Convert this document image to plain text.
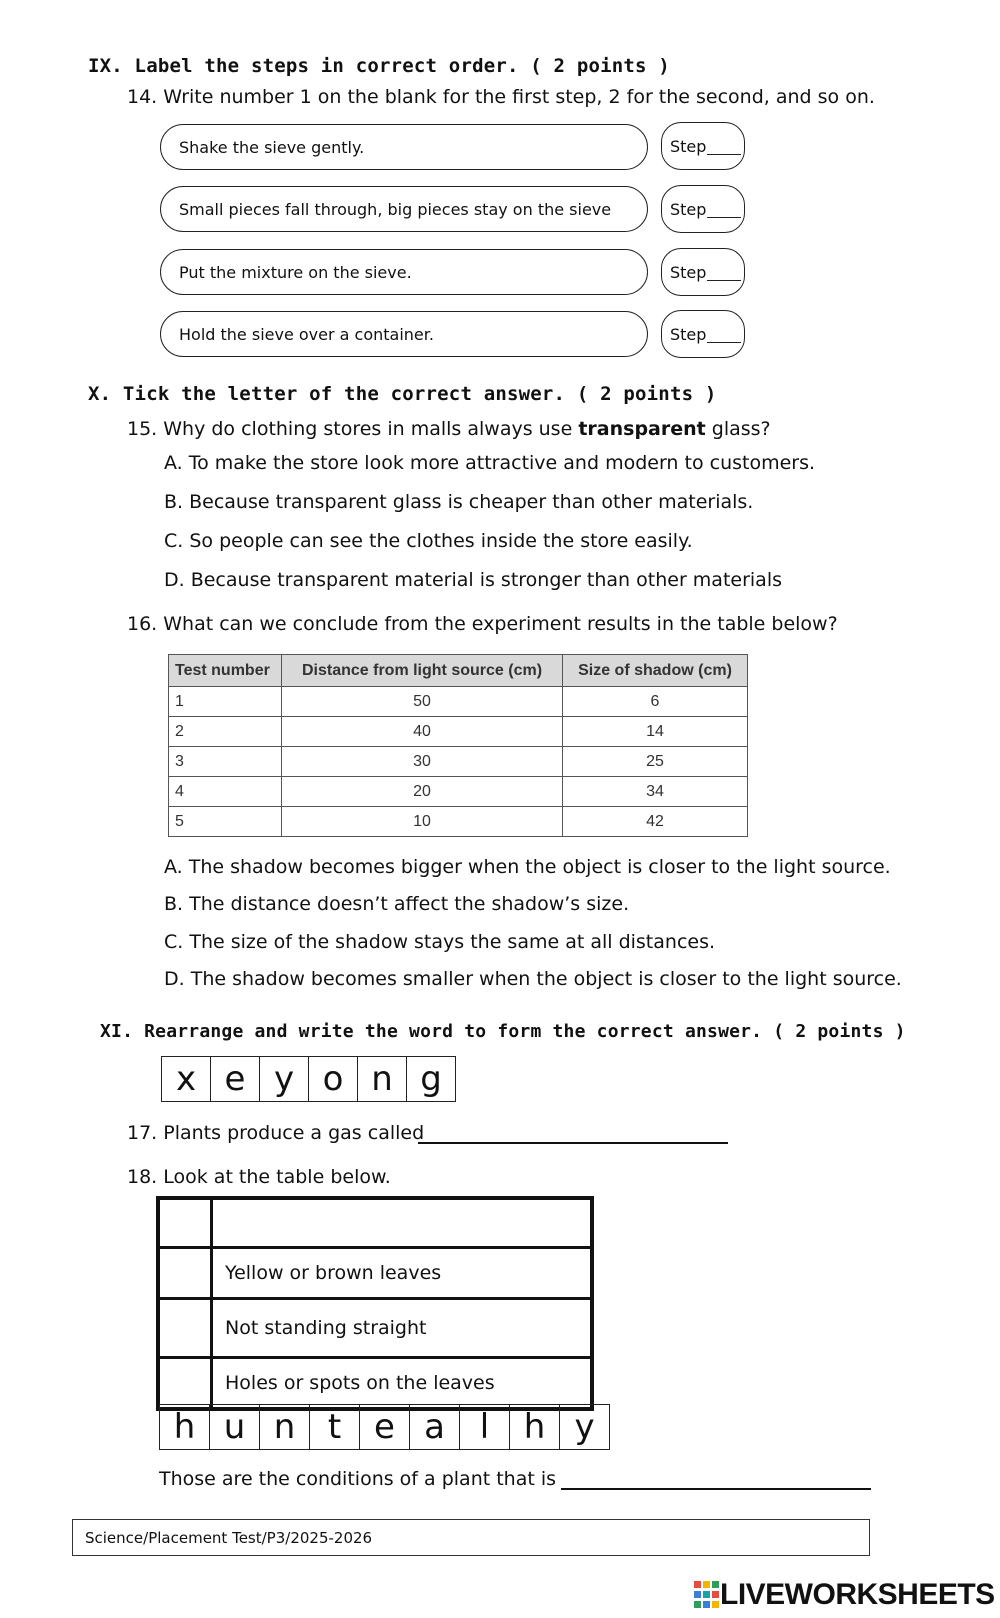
IX. Label the steps in correct order. ( 2 points )
14. Write number 1 on the blank for the first step, 2 for the second, and so on.
Shake the sieve gently.	Step
Small pieces fall through, big pieces stay on the sieve	Step
Put the mixture on the sieve.	Step
Hold the sieve over a container.	Step
X. Tick the letter of the correct answer. ( 2 points )
15. Why do clothing stores in malls always use transparent glass?
A. To make the store look more attractive and modern to customers.
B. Because transparent glass is cheaper than other materials.
C. So people can see the clothes inside the store easily.
D. Because transparent material is stronger than other materials
16. What can we conclude from the experiment results in the table below?
Test number	Distance from light source (cm)	Size of shadow (cm)
1	50	6
2	40	14
3	30	25
4	20	34
5	10	42
A. The shadow becomes bigger when the object is closer to the light source.
B. The distance doesn’t affect the shadow’s size.
C. The size of the shadow stays the same at all distances.
D. The shadow becomes smaller when the object is closer to the light source.
XI. Rearrange and write the word to form the correct answer. ( 2 points )
x e y o n g
17. Plants produce a gas called
18. Look at the table below.
Yellow or brown leaves
Not standing straight
Holes or spots on the leaves
h u n t e a	l	h y
Those are the conditions of a plant that is
Science/Placement Test/P3/2025-2026
LIVEWORKSHEETS
